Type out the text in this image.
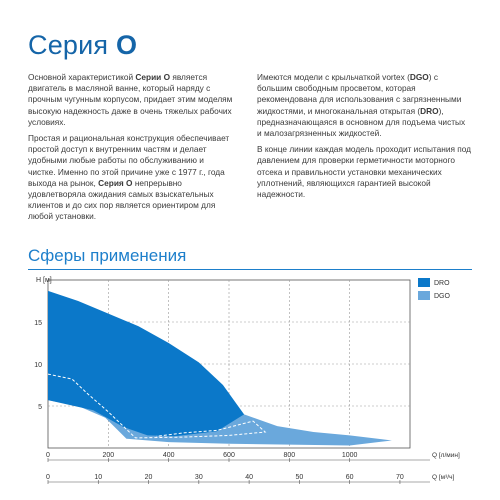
Серия O

Основной характеристикой Серии O является двигатель в масляной ванне, который наряду с прочным чугунным корпусом, придает этим моделям высокую надежность даже в очень тяжелых рабочих условиях.

Простая и рациональная конструкция обеспечивает простой доступ к внутренним частям и делает удобными любые работы по обслуживанию и чистке. Именно по этой причине уже с 1977 г., года выхода на рынок, Серия O непрерывно удовлетворяла ожидания самых взыскательных клиентов и до сих пор является ориентиром для любой установки.

Имеются модели с крыльчаткой vortex (DGO) с большим свободным просветом, которая рекомендована для использования с загрязненными жидкостями, и многоканальная открытая (DRO), предназначающаяся в основном для подъема чистых и малозагрязненных жидкостей.

В конце линии каждая модель проходит испытания под давлением для проверки герметичности моторного отсека и правильности установки механических уплотнений, являющихся гарантией высокой надежности.

Сферы применения
5
10
15
H [м]
0	200	400	600	800	1000	Q [л/мин]
0	10	20	30	40	50	60	70	Q [м³/ч]
DRO
DGO
